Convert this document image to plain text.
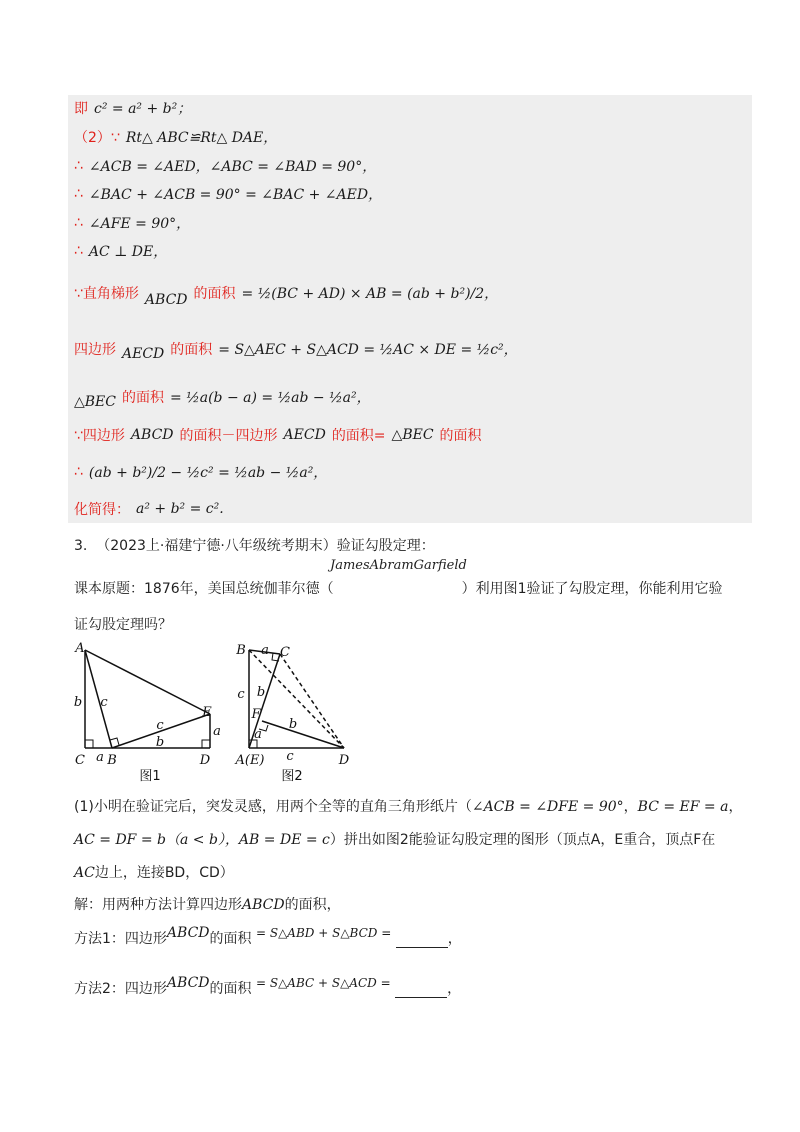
即 c² = a² + b²；
（2）∵ Rt△ ABC≌Rt△ DAE，
∴ ∠ACB = ∠AED，∠ABC = ∠BAD = 90°，
∴ ∠BAC + ∠ACB = 90° = ∠BAC + ∠AED，
∴ ∠AFE = 90°，
∴ AC ⊥ DE，
∵直角梯形 ABCD 的面积 = ½(BC + AD) × AB = (ab + b²)/2，
四边形 AECD 的面积 = S△AEC + S△ACD = ½AC × DE = ½c²，
△BEC 的面积 = ½a(b − a) = ½ab − ½a²，
∵四边形 ABCD 的面积－四边形 AECD 的面积= △BEC 的面积
∴ (ab + b²)/2 − ½c² = ½ab − ½a²，
化简得： a² + b² = c².
3. （2023上·福建宁德·八年级统考期末）验证勾股定理：
JamesAbramGarfield
课本原题：1876年，美国总统伽菲尔德（	）利用图1验证了勾股定理，你能利用它验
证勾股定理吗？
A
C B	D
E
b c
a
b
c	a
图1
B	C
A(E)	D
F
a
c b
a
b
c
图2
(1)小明在验证完后，突发灵感，用两个全等的直角三角形纸片（∠ACB = ∠DFE = 90°，BC = EF = a，
AC = DF = b（a < b），AB = DE = c）拼出如图2能验证勾股定理的图形（顶点A，E重合，顶点F在
AC边上，连接BD，CD）
解：用两种方法计算四边形ABCD的面积，
方法1：四边形ABCD的面积 = S△ABD + S△BCD =	，
方法2：四边形ABCD的面积 = S△ABC + S△ACD =	，
